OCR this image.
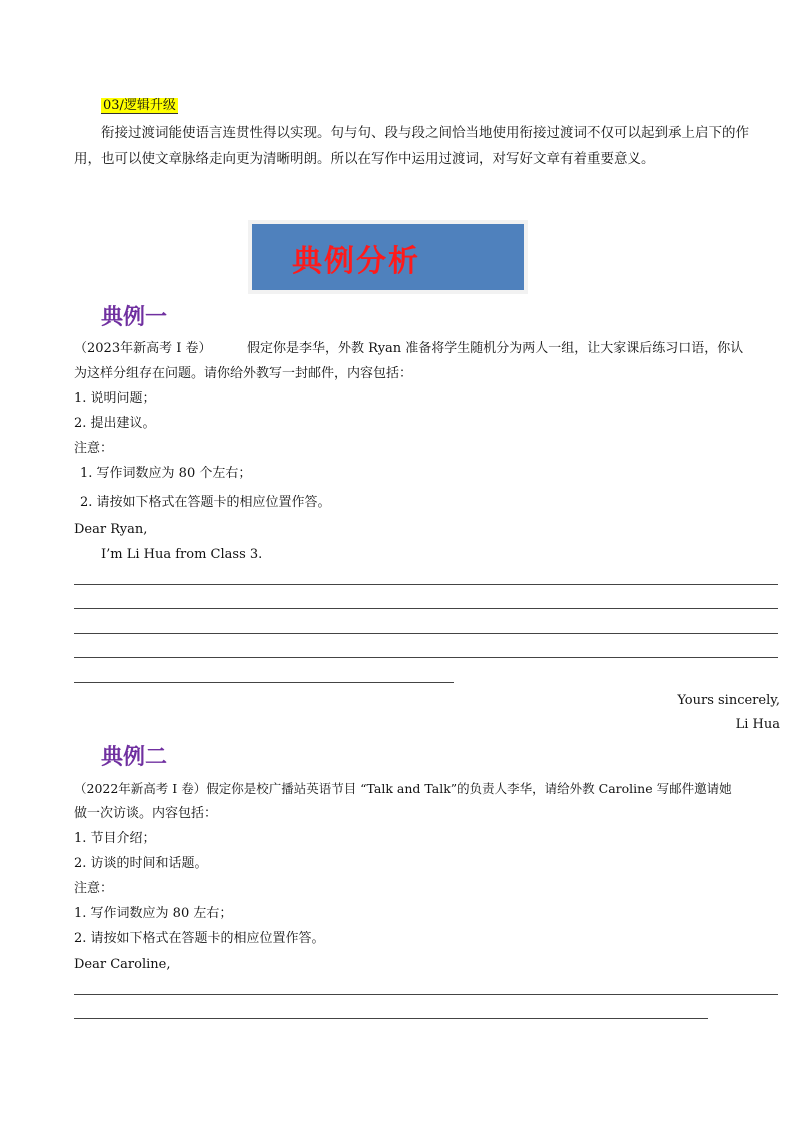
03/逻辑升级
衔接过渡词能使语言连贯性得以实现。句与句、段与段之间恰当地使用衔接过渡词不仅可以起到承上启下的作
用，也可以使文章脉络走向更为清晰明朗。所以在写作中运用过渡词，对写好文章有着重要意义。
典例分析
典例一
（2023年新高考 I 卷）	假定你是李华，外教 Ryan 准备将学生随机分为两人一组，让大家课后练习口语，你认
为这样分组存在问题。请你给外教写一封邮件，内容包括：
1. 说明问题；
2. 提出建议。
注意：
1. 写作词数应为 80 个左右；
2. 请按如下格式在答题卡的相应位置作答。
Dear Ryan,
I’m Li Hua from Class 3.
Yours sincerely,
Li Hua
典例二
（2022年新高考 I 卷）假定你是校广播站英语节目 “Talk and Talk”的负责人李华，请给外教 Caroline 写邮件邀请她
做一次访谈。内容包括：
1. 节目介绍；
2. 访谈的时间和话题。
注意：
1. 写作词数应为 80 左右；
2. 请按如下格式在答题卡的相应位置作答。
Dear Caroline,
